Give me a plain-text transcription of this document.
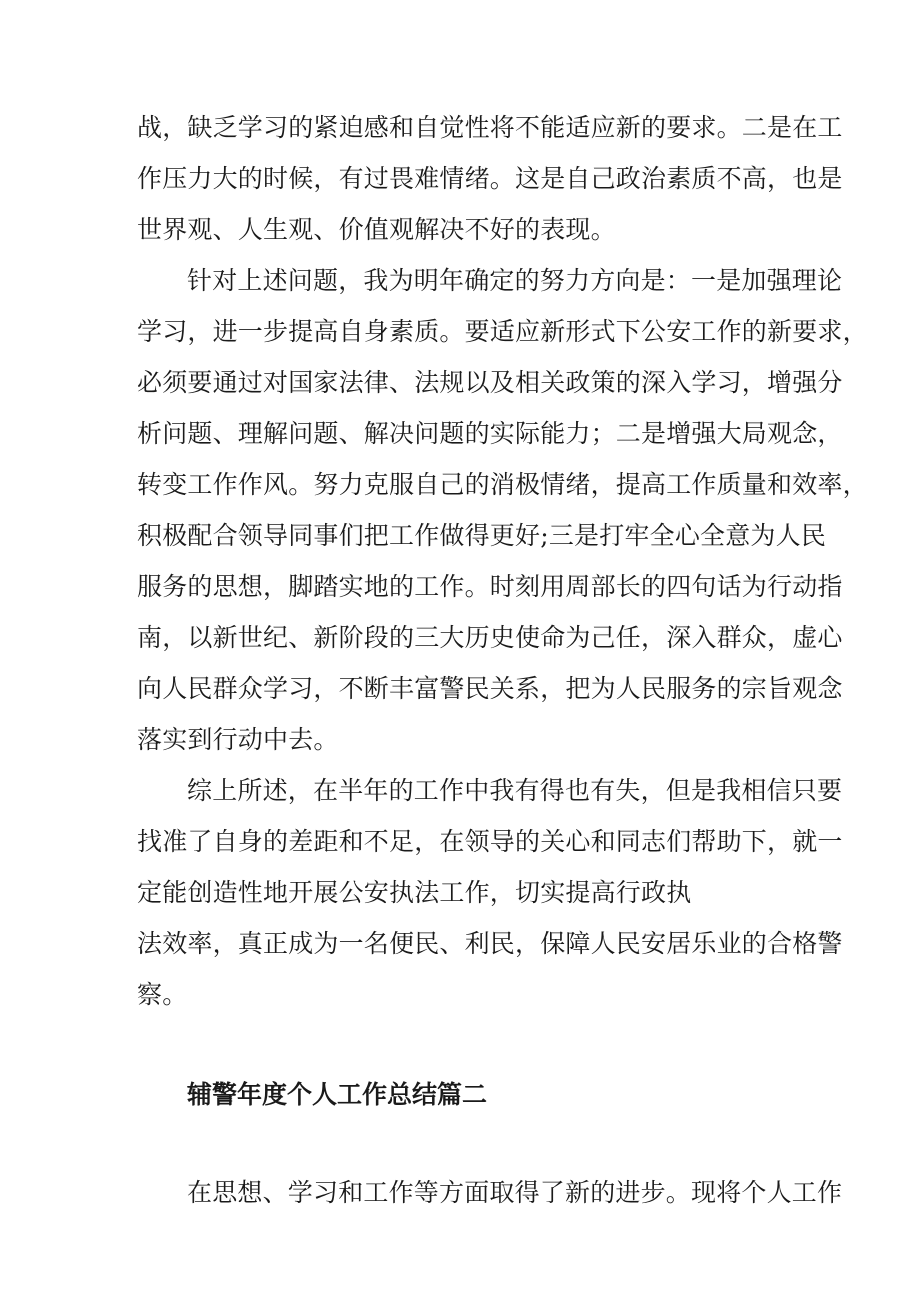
战，缺乏学习的紧迫感和自觉性将不能适应新的要求。二是在工
作压力大的时候，有过畏难情绪。这是自己政治素质不高，也是
世界观、人生观、价值观解决不好的表现。
针对上述问题，我为明年确定的努力方向是：一是加强理论
学习，进一步提高自身素质。要适应新形式下公安工作的新要求，
必须要通过对国家法律、法规以及相关政策的深入学习，增强分
析问题、理解问题、解决问题的实际能力；二是增强大局观念，
转变工作作风。努力克服自己的消极情绪，提高工作质量和效率，
积极配合领导同事们把工作做得更好;三是打牢全心全意为人民
服务的思想，脚踏实地的工作。时刻用周部长的四句话为行动指
南，以新世纪、新阶段的三大历史使命为己任，深入群众，虚心
向人民群众学习，不断丰富警民关系，把为人民服务的宗旨观念
落实到行动中去。
综上所述，在半年的工作中我有得也有失，但是我相信只要
找准了自身的差距和不足，在领导的关心和同志们帮助下，就一
定能创造性地开展公安执法工作，切实提高行政执
法效率，真正成为一名便民、利民，保障人民安居乐业的合格警
察。
辅警年度个人工作总结篇二
在思想、学习和工作等方面取得了新的进步。现将个人工作
